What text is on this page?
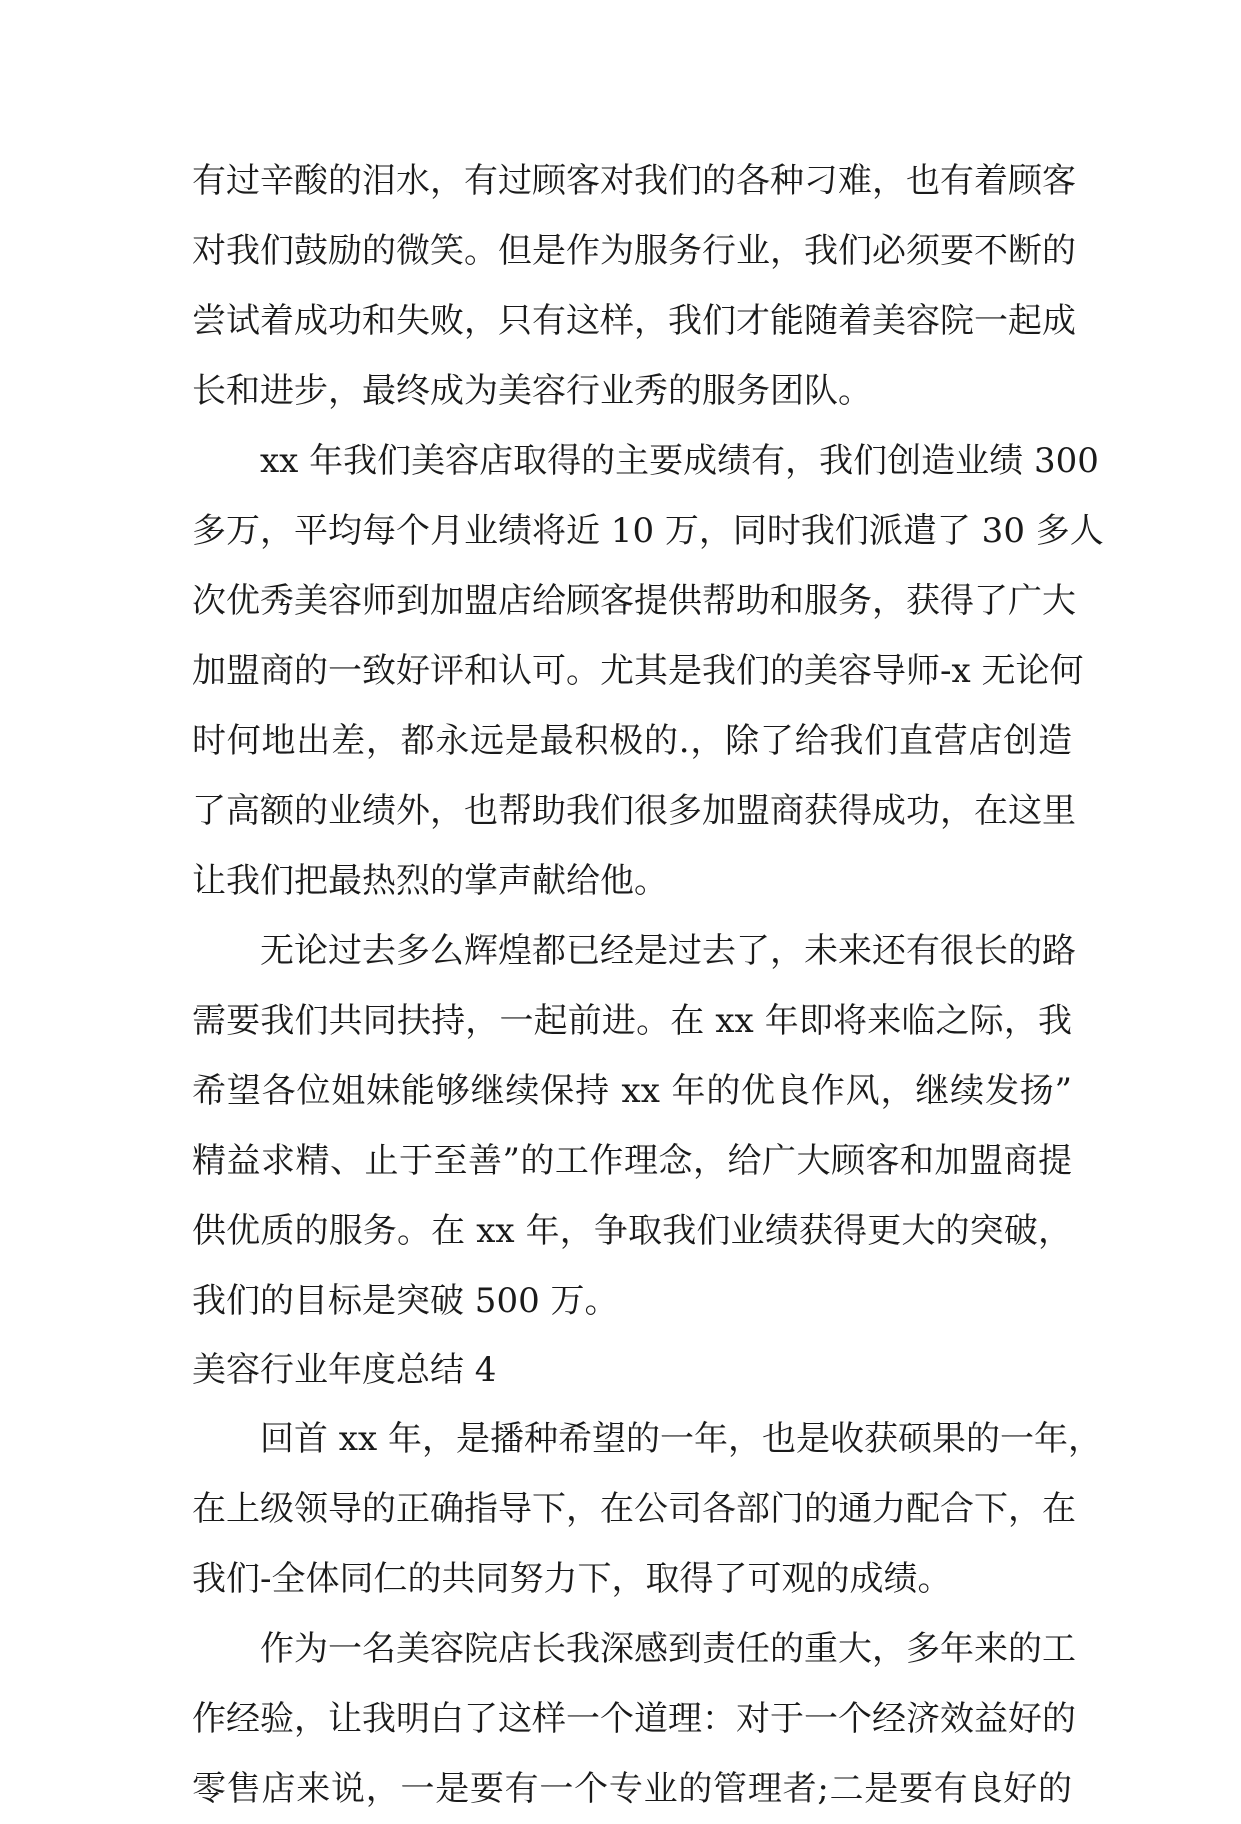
有过辛酸的泪水，有过顾客对我们的各种刁难，也有着顾客
对我们鼓励的微笑。但是作为服务行业，我们必须要不断的
尝试着成功和失败，只有这样，我们才能随着美容院一起成
长和进步，最终成为美容行业秀的服务团队。
xx 年我们美容店取得的主要成绩有，我们创造业绩 300
多万，平均每个月业绩将近 10 万，同时我们派遣了 30 多人
次优秀美容师到加盟店给顾客提供帮助和服务，获得了广大
加盟商的一致好评和认可。尤其是我们的美容导师-x 无论何
时何地出差，都永远是最积极的.，除了给我们直营店创造
了高额的业绩外，也帮助我们很多加盟商获得成功，在这里
让我们把最热烈的掌声献给他。
无论过去多么辉煌都已经是过去了，未来还有很长的路
需要我们共同扶持，一起前进。在 xx 年即将来临之际，我
希望各位姐妹能够继续保持 xx 年的优良作风，继续发扬”
精益求精、止于至善”的工作理念，给广大顾客和加盟商提
供优质的服务。在 xx 年，争取我们业绩获得更大的突破，
我们的目标是突破 500 万。
美容行业年度总结 4
回首 xx 年，是播种希望的一年，也是收获硕果的一年，
在上级领导的正确指导下，在公司各部门的通力配合下，在
我们-全体同仁的共同努力下，取得了可观的成绩。
作为一名美容院店长我深感到责任的重大，多年来的工
作经验，让我明白了这样一个道理：对于一个经济效益好的
零售店来说，一是要有一个专业的管理者;二是要有良好的
